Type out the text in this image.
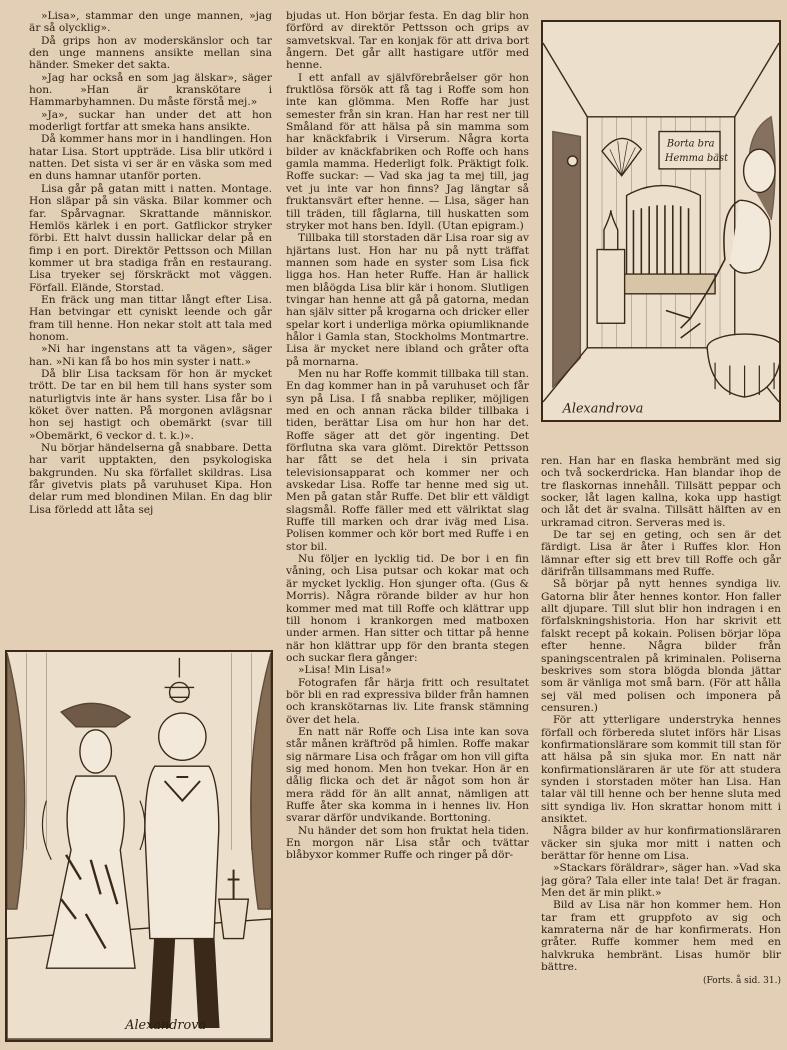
»Lisa», stammar den unge mannen, »jag är så olycklig».

Då grips hon av moderskänslor och tar den unge mannens ansikte mellan sina händer. Smeker det sakta.

»Jag har också en som jag älskar», säger hon. »Han är kranskötare i Hammarbyhamnen. Du måste förstå mej.»

»Ja», suckar han under det att hon moderligt fortfar att smeka hans ansikte.

Då kommer hans mor in i handlingen. Hon hatar Lisa. Stort uppträde. Lisa blir utkörd i natten. Det sista vi ser är en väska som med en duns hamnar utanför porten.

Lisa går på gatan mitt i natten. Montage. Hon släpar på sin väska. Bilar kommer och far. Spårvagnar. Skrattande människor. Hemlös kärlek i en port. Gatflickor stryker förbi. Ett halvt dussin hallickar delar på en fimp i en port. Direktör Pettsson och Millan kommer ut bra stadiga från en restaurang. Lisa tryeker sej förskräckt mot väggen. Förfall. Elände, Storstad.

En fräck ung man tittar långt efter Lisa. Han betvingar ett cyniskt leende och går fram till henne. Hon nekar stolt att tala med honom.

»Ni har ingenstans att ta vägen», säger han. »Ni kan få bo hos min syster i natt.»

Då blir Lisa tacksam för hon är mycket trött. De tar en bil hem till hans syster som naturligtvis inte är hans syster. Lisa får bo i köket över natten. På morgonen avlägsnar hon sej hastigt och obemärkt (svar till »Obemärkt, 6 veckor d. t. k.)».

Nu börjar händelserna gå snabbare. Detta har varit upptakten, den psykologiska bakgrunden. Nu ska förfallet skildras. Lisa får givetvis plats på varuhuset Kipa. Hon delar rum med blondinen Milan. En dag blir Lisa förledd att låta sej

bjudas ut. Hon börjar festa. En dag blir hon förförd av direktör Pettsson och grips av samvetskval. Tar en konjak för att driva bort ångern. Det går allt hastigare utför med henne.

I ett anfall av självförebråelser gör hon fruktlösa försök att få tag i Roffe som hon inte kan glömma. Men Roffe har just semester från sin kran. Han har rest ner till Småland för att hälsa på sin mamma som har knäckfabrik i Virserum. Några korta bilder av knäckfabriken och Roffe och hans gamla mamma. Hederligt folk. Präktigt folk. Roffe suckar: — Vad ska jag ta mej till, jag vet ju inte var hon finns? Jag längtar så fruktansvärt efter henne. — Lisa, säger han till träden, till fåglarna, till huskatten som stryker mot hans ben. Idyll. (Utan epigram.)

Tillbaka till storstaden där Lisa roar sig av hjärtans lust. Hon har nu på nytt träffat mannen som hade en syster som Lisa fick ligga hos. Han heter Ruffe. Han är hallick men blåögda Lisa blir kär i honom. Slutligen tvingar han henne att gå på gatorna, medan han själv sitter på krogarna och dricker eller spelar kort i underliga mörka opiumliknande hålor i Gamla stan, Stockholms Montmartre. Lisa är mycket nere ibland och gråter ofta på mornarna.

Men nu har Roffe kommit tillbaka till stan. En dag kommer han in på varuhuset och får syn på Lisa. I få snabba repliker, möjligen med en och annan räcka bilder tillbaka i tiden, berättar Lisa om hur hon har det. Roffe säger att det gör ingenting. Det förflutna ska vara glömt. Direktör Pettsson har fått se det hela i sin privata televisionsapparat och kommer ner och avskedar Lisa. Roffe tar henne med sig ut. Men på gatan står Ruffe. Det blir ett väldigt slagsmål. Roffe fäller med ett välriktat slag Ruffe till marken och drar iväg med Lisa. Polisen kommer och kör bort med Ruffe i en stor bil.

Nu följer en lycklig tid. De bor i en fin våning, och Lisa putsar och kokar mat och är mycket lycklig. Hon sjunger ofta. (Gus & Morris). Några rörande bilder av hur hon kommer med mat till Roffe och klättrar upp till honom i krankorgen med matboxen under armen. Han sitter och tittar på henne när hon klättrar upp för den branta stegen och suckar flera gånger:

»Lisa! Min Lisa!»

Fotografen får härja fritt och resultatet bör bli en rad expressiva bilder från hamnen och kranskötarnas liv. Lite fransk stämning över det hela.

En natt när Roffe och Lisa inte kan sova står månen kräftröd på himlen. Roffe makar sig närmare Lisa och frågar om hon vill gifta sig med honom. Men hon tvekar. Hon är en dålig flicka och det är något som hon är mera rädd för än allt annat, nämligen att Ruffe åter ska komma in i hennes liv. Hon svarar därför undvikande. Borttoning.

Nu händer det som hon fruktat hela tiden. En morgon när Lisa står och tvättar blåbyxor kommer Ruffe och ringer på dör-

ren. Han har en flaska hembränt med sig och två sockerdricka. Han blandar ihop de tre flaskornas innehåll. Tillsätt peppar och socker, låt lagen kallna, koka upp hastigt och låt det är svalna. Tillsätt hälften av en urkramad citron. Serveras med is.

De tar sej en geting, och sen är det färdigt. Lisa är åter i Ruffes klor. Hon lämnar efter sig ett brev till Roffe och går därifrån tillsammans med Ruffe.

Så börjar på nytt hennes syndiga liv. Gatorna blir åter hennes kontor. Hon faller allt djupare. Till slut blir hon indragen i en förfalskningshistoria. Hon har skrivit ett falskt recept på kokain. Polisen börjar löpa efter henne. Några bilder från spaningscentralen på kriminalen. Poliserna beskrives som stora blögda blonda jättar som är vänliga mot små barn. (För att hålla sej väl med polisen och imponera på censuren.)

För att ytterligare understryka hennes förfall och förbereda slutet införs här Lisas konfirmationslärare som kommit till stan för att hälsa på sin sjuka mor. En natt när konfirmationsläraren är ute för att studera synden i storstaden möter han Lisa. Han talar väl till henne och ber henne sluta med sitt syndiga liv. Hon skrattar honom mitt i ansiktet.

Några bilder av hur konfirmationsläraren väcker sin sjuka mor mitt i natten och berättar för henne om Lisa.

»Stackars föräldrar», säger han. »Vad ska jag göra? Tala eller inte tala! Det är fragan. Men det är min plikt.»

Bild av Lisa när hon kommer hem. Hon tar fram ett gruppfoto av sig och kamraterna när de har konfirmerats. Hon gråter. Ruffe kommer hem med en halvkruka hembränt. Lisas humör blir bättre.

(Forts. å sid. 31.)

Borta bra
Hemma bäst
Alexandrova
Alexandrova
